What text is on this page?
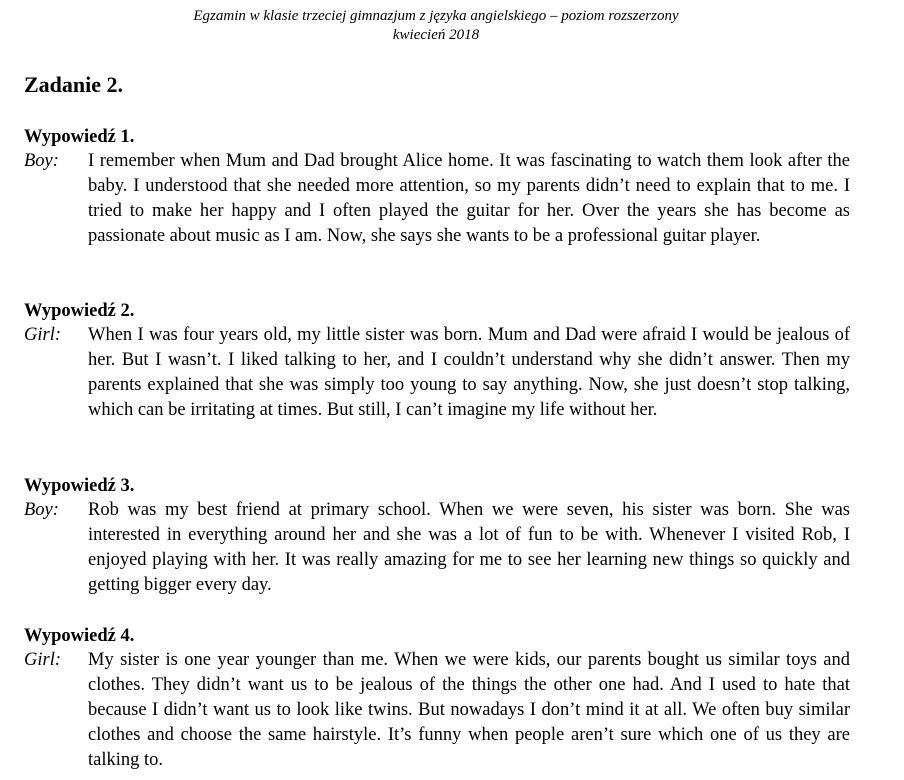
Egzamin w klasie trzeciej gimnazjum z języka angielskiego – poziom rozszerzony
kwiecień 2018
Zadanie 2.
Wypowiedź 1.
Boy: I remember when Mum and Dad brought Alice home. It was fascinating to watch them look after the baby. I understood that she needed more attention, so my parents didn’t need to explain that to me. I tried to make her happy and I often played the guitar for her. Over the years she has become as passionate about music as I am. Now, she says she wants to be a professional guitar player.
Wypowiedź 2.
Girl: When I was four years old, my little sister was born. Mum and Dad were afraid I would be jealous of her. But I wasn’t. I liked talking to her, and I couldn’t understand why she didn’t answer. Then my parents explained that she was simply too young to say anything. Now, she just doesn’t stop talking, which can be irritating at times. But still, I can’t imagine my life without her.
Wypowiedź 3.
Boy: Rob was my best friend at primary school. When we were seven, his sister was born. She was interested in everything around her and she was a lot of fun to be with. Whenever I visited Rob, I enjoyed playing with her. It was really amazing for me to see her learning new things so quickly and getting bigger every day.
Wypowiedź 4.
Girl: My sister is one year younger than me. When we were kids, our parents bought us similar toys and clothes. They didn’t want us to be jealous of the things the other one had. And I used to hate that because I didn’t want us to look like twins. But nowadays I don’t mind it at all. We often buy similar clothes and choose the same hairstyle. It’s funny when people aren’t sure which one of us they are talking to.
